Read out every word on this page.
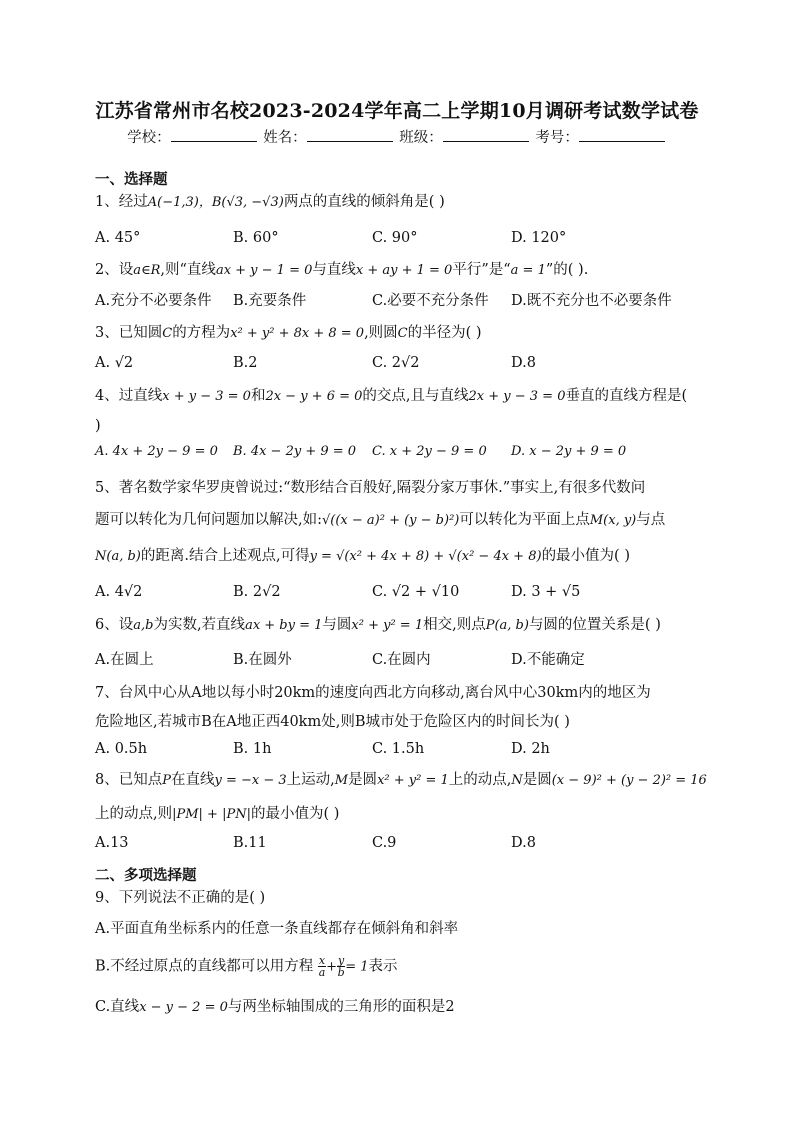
江苏省常州市名校2023-2024学年高二上学期10月调研考试数学试卷
学校：	姓名：	班级：	考号：
一、选择题
1、经过A(−1,3)，B(√3, −√3)两点的直线的倾斜角是( )
A. 45°	B. 60°	C. 90°	D. 120°
2、设a∈R,则“直线ax + y − 1 = 0与直线x + ay + 1 = 0平行”是“a = 1”的( ).
A.充分不必要条件 B.充要条件	C.必要不充分条件 D.既不充分也不必要条件
3、已知圆C的方程为x² + y² + 8x + 8 = 0,则圆C的半径为( )
A. √2	B.2	C. 2√2	D.8
4、过直线x + y − 3 = 0和2x − y + 6 = 0的交点,且与直线2x + y − 3 = 0垂直的直线方程是(
)
A. 4x + 2y − 9 = 0 B. 4x − 2y + 9 = 0 C. x + 2y − 9 = 0 D. x − 2y + 9 = 0
5、著名数学家华罗庚曾说过:“数形结合百般好,隔裂分家万事休.”事实上,有很多代数问
题可以转化为几何问题加以解决,如:√((x − a)² + (y − b)²)可以转化为平面上点M(x, y)与点
N(a, b)的距离.结合上述观点,可得y = √(x² + 4x + 8) + √(x² − 4x + 8)的最小值为( )
A. 4√2	B. 2√2	C. √2 + √10	D. 3 + √5
6、设a,b为实数,若直线ax + by = 1与圆x² + y² = 1相交,则点P(a, b)与圆的位置关系是( )
A.在圆上	B.在圆外	C.在圆内	D.不能确定
7、台风中心从A地以每小时20km的速度向西北方向移动,离台风中心30km内的地区为
危险地区,若城市B在A地正西40km处,则B城市处于危险区内的时间长为( )
A. 0.5h	B. 1h	C. 1.5h	D. 2h
8、已知点P在直线y = −x − 3上运动,M是圆x² + y² = 1上的动点,N是圆(x − 9)² + (y − 2)² = 16
上的动点,则|PM| + |PN|的最小值为( )
A.13	B.11	C.9	D.8
二、多项选择题
9、下列说法不正确的是( )
A.平面直角坐标系内的任意一条直线都存在倾斜角和斜率
B.不经过原点的直线都可以用方程 $\frac{x}{a} + \frac{y}{b} = 1$表示
C.直线x − y − 2 = 0与两坐标轴围成的三角形的面积是2
